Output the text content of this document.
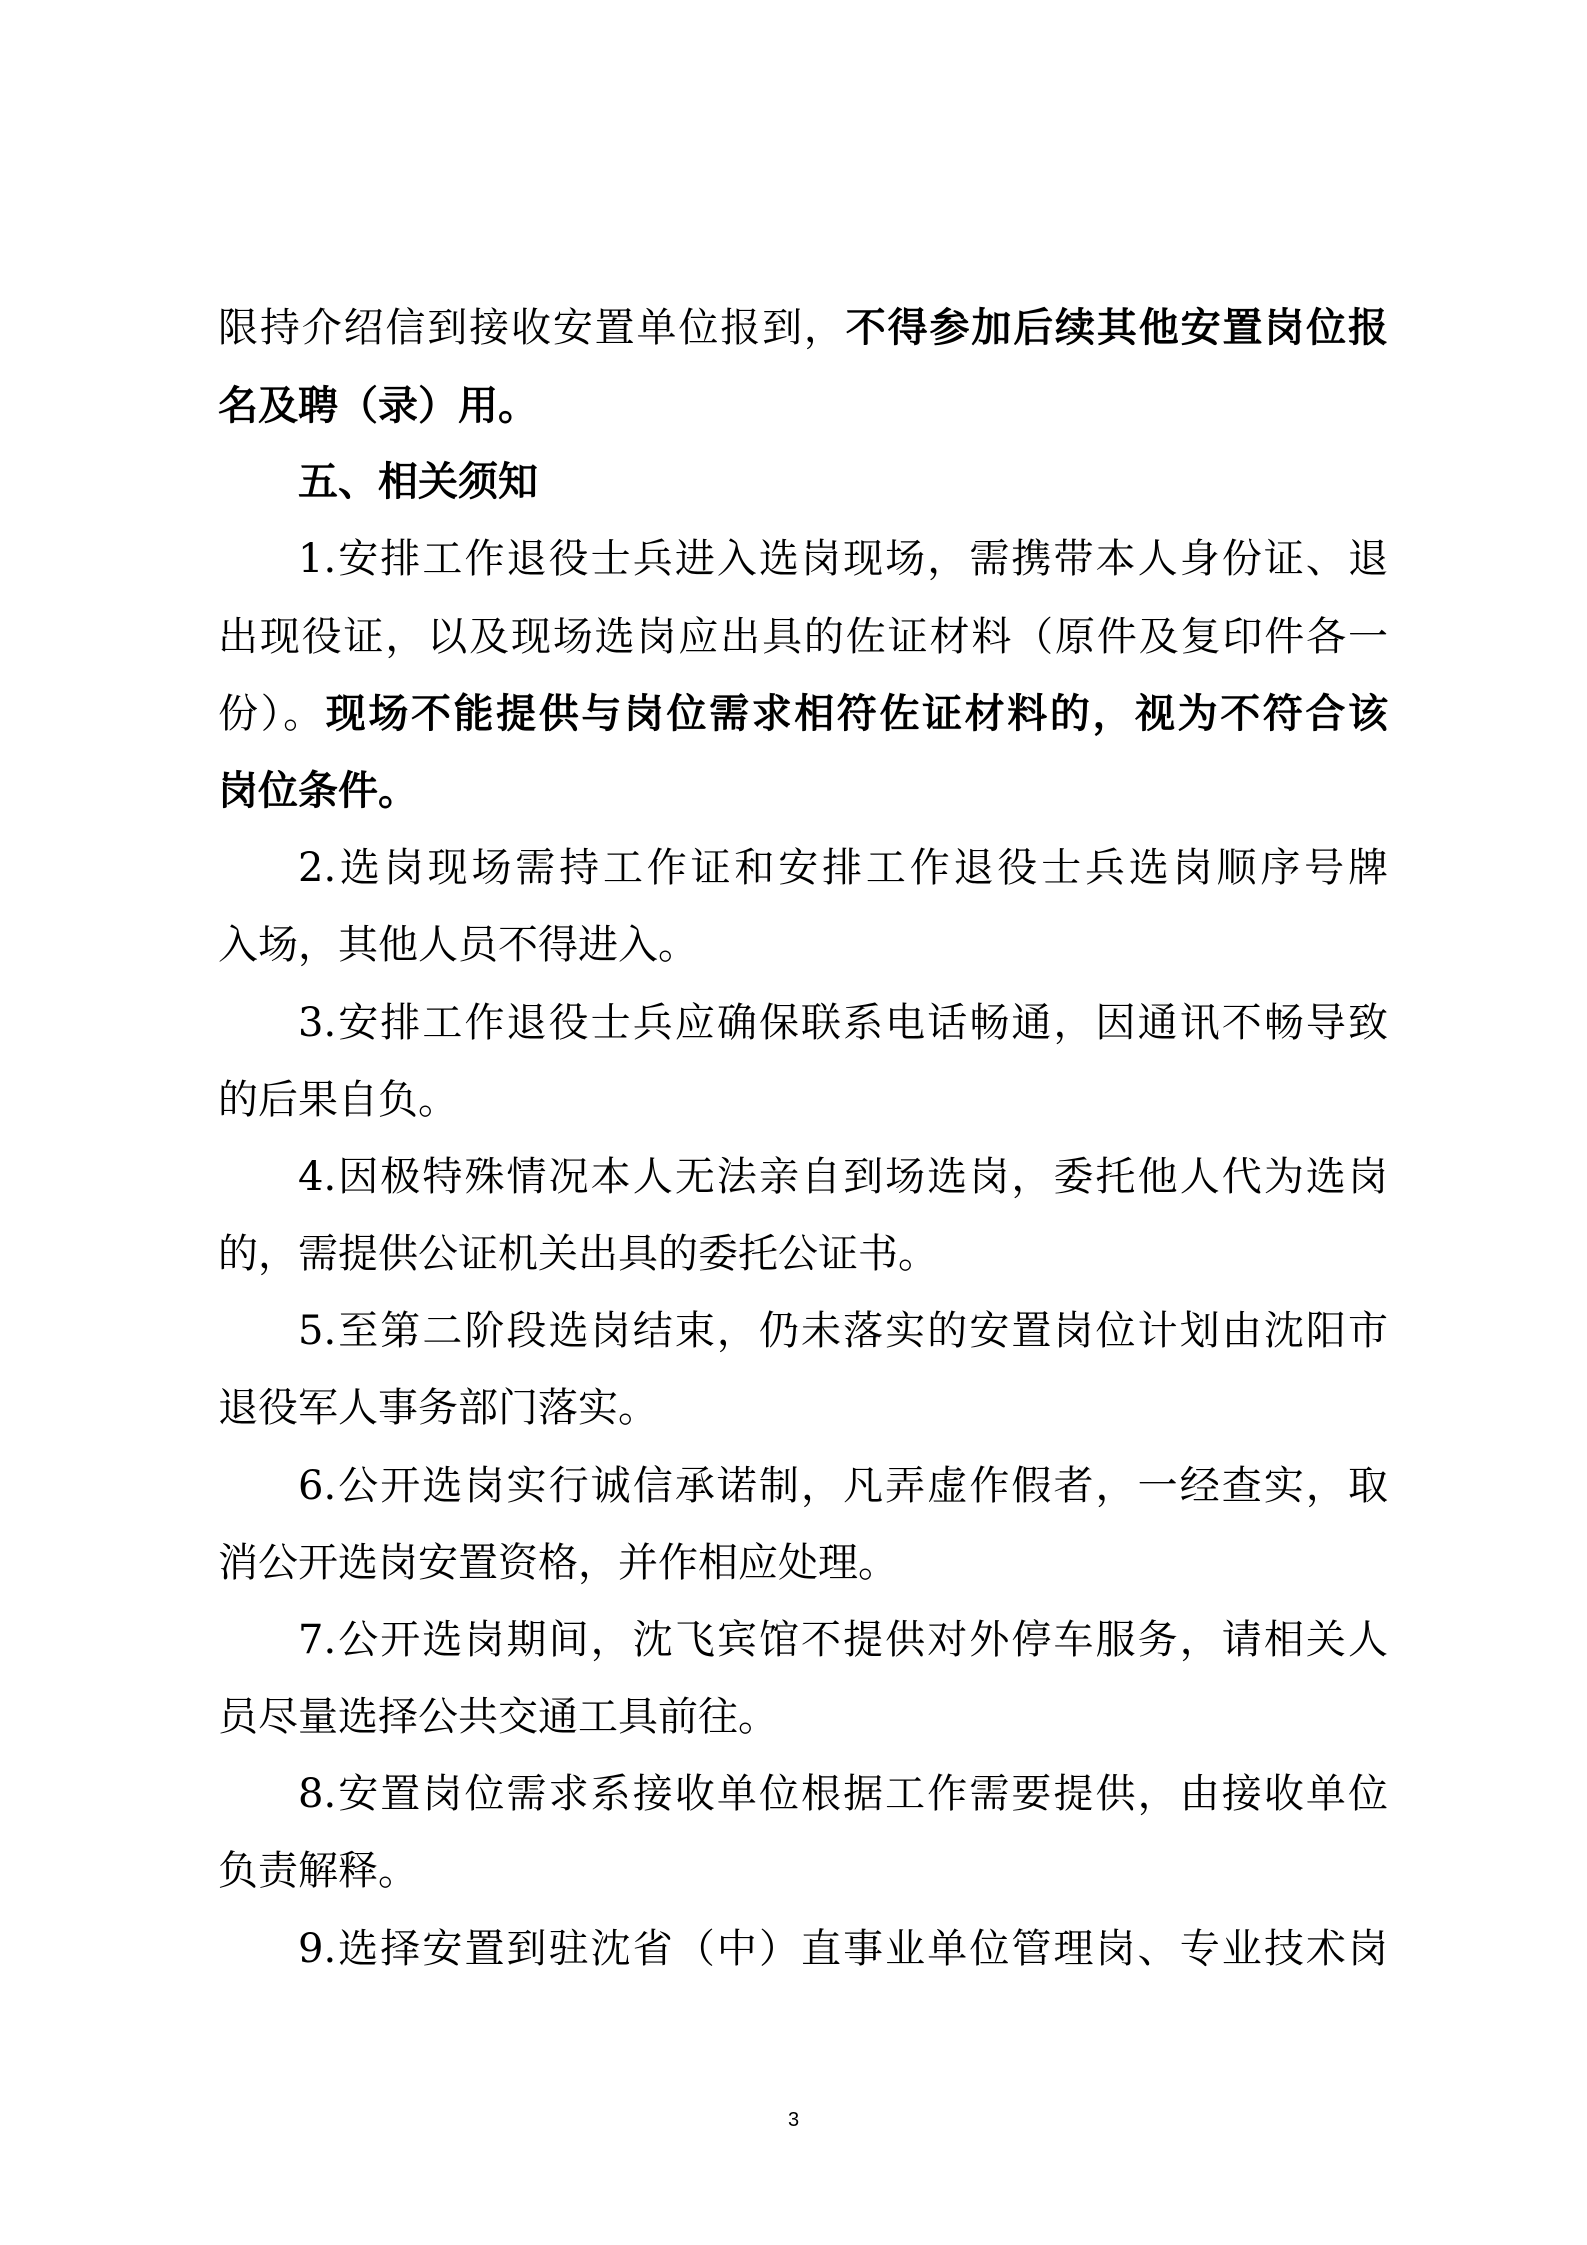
限持介绍信到接收安置单位报到，不得参加后续其他安置岗位报
名及聘（录）用。
五、相关须知
1.安排工作退役士兵进入选岗现场，需携带本人身份证、退
出现役证，以及现场选岗应出具的佐证材料（原件及复印件各一
份）。现场不能提供与岗位需求相符佐证材料的，视为不符合该
岗位条件。
2.选岗现场需持工作证和安排工作退役士兵选岗顺序号牌
入场，其他人员不得进入。
3.安排工作退役士兵应确保联系电话畅通，因通讯不畅导致
的后果自负。
4.因极特殊情况本人无法亲自到场选岗，委托他人代为选岗
的，需提供公证机关出具的委托公证书。
5.至第二阶段选岗结束，仍未落实的安置岗位计划由沈阳市
退役军人事务部门落实。
6.公开选岗实行诚信承诺制，凡弄虚作假者，一经查实，取
消公开选岗安置资格，并作相应处理。
7.公开选岗期间，沈飞宾馆不提供对外停车服务，请相关人
员尽量选择公共交通工具前往。
8.安置岗位需求系接收单位根据工作需要提供，由接收单位
负责解释。
9.选择安置到驻沈省（中）直事业单位管理岗、专业技术岗
3
